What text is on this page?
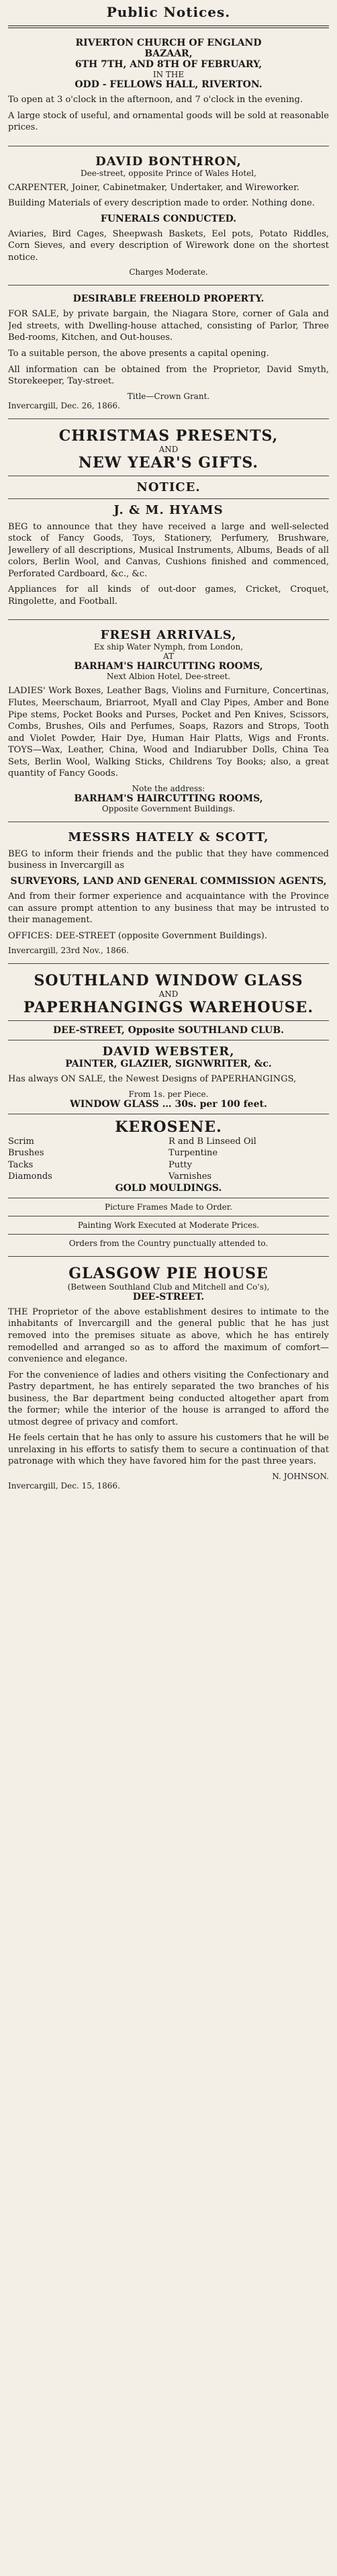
Public Notices.
RIVERTON CHURCH OF ENGLAND
BAZAAR,
6TH 7TH, AND 8TH OF FEBRUARY,
IN THE
ODD - FELLOWS HALL, RIVERTON.
To open at 3 o'clock in the afternoon, and 7 o'clock in the evening.
A large stock of useful, and ornamental goods will be sold at reasonable prices.
DAVID BONTHRON,
Dee-street, opposite Prince of Wales Hotel,
CARPENTER, Joiner, Cabinetmaker, Undertaker, and Wireworker.
Building Materials of every description made to order. Nothing done.
FUNERALS CONDUCTED.
Aviaries, Bird Cages, Sheepwash Baskets, Eel pots, Potato Riddles, Corn Sieves, and every description of Wirework done on the shortest notice.
Charges Moderate.
DESIRABLE FREEHOLD PROPERTY.
FOR SALE, by private bargain, the Niagara Store, corner of Gala and Jed streets, with Dwelling-house attached, consisting of Parlor, Three Bed-rooms, Kitchen, and Out-houses.
To a suitable person, the above presents a capital opening.
All information can be obtained from the Proprietor, David Smyth, Storekeeper, Tay-street.
Title—Crown Grant.
Invercargill, Dec. 26, 1866.
CHRISTMAS PRESENTS,
AND
NEW YEAR'S GIFTS.
NOTICE.
J. & M. HYAMS
BEG to announce that they have received a large and well-selected stock of Fancy Goods, Toys, Stationery, Perfumery, Brushware, Jewellery of all descriptions, Musical Instruments, Albums, Beads of all colors, Berlin Wool, and Canvas, Cushions finished and commenced, Perforated Cardboard, &c., &c.
Appliances for all kinds of out-door games, Cricket, Croquet, Ringolette, and Football.
FRESH ARRIVALS,
Ex ship Water Nymph, from London,
AT
BARHAM'S HAIRCUTTING ROOMS,
Next Albion Hotel, Dee-street.
LADIES' Work Boxes, Leather Bags, Violins and Furniture, Concertinas, Flutes, Meerschaum, Briarroot, Myall and Clay Pipes, Amber and Bone Pipe stems, Pocket Books and Purses, Pocket and Pen Knives, Scissors, Combs, Brushes, Oils and Perfumes, Soaps, Razors and Strops, Tooth and Violet Powder, Hair Dye, Human Hair Platts, Wigs and Fronts. TOYS—Wax, Leather, China, Wood and Indiarubber Dolls, China Tea Sets, Berlin Wool, Walking Sticks, Childrens Toy Books; also, a great quantity of Fancy Goods.
Note the address:
BARHAM'S HAIRCUTTING ROOMS,
Opposite Government Buildings.
MESSRS HATELY & SCOTT,
BEG to inform their friends and the public that they have commenced business in Invercargill as
SURVEYORS, LAND AND GENERAL COMMISSION AGENTS,
And from their former experience and acquaintance with the Province can assure prompt attention to any business that may be intrusted to their management.
OFFICES: DEE-STREET (opposite Government Buildings).
Invercargill, 23rd Nov., 1866.
SOUTHLAND WINDOW GLASS
AND
PAPERHANGINGS WAREHOUSE.
DEE-STREET, Opposite SOUTHLAND CLUB.
DAVID WEBSTER,
PAINTER, GLAZIER, SIGNWRITER, &c.
Has always ON SALE, the Newest Designs of PAPERHANGINGS,
From 1s. per Piece.
WINDOW GLASS … 30s. per 100 feet.
KEROSENE.
Scrim
Brushes
Tacks
Diamonds
R and B Linseed Oil
Turpentine
Putty
Varnishes
GOLD MOULDINGS.
Picture Frames Made to Order.
Painting Work Executed at Moderate Prices.
Orders from the Country punctually attended to.
GLASGOW PIE HOUSE
(Between Southland Club and Mitchell and Co's),
DEE-STREET.
THE Proprietor of the above establishment desires to intimate to the inhabitants of Invercargill and the general public that he has just removed into the premises situate as above, which he has entirely remodelled and arranged so as to afford the maximum of comfort—convenience and elegance.
For the convenience of ladies and others visiting the Confectionary and Pastry department, he has entirely separated the two branches of his business, the Bar department being conducted altogether apart from the former; while the interior of the house is arranged to afford the utmost degree of privacy and comfort.
He feels certain that he has only to assure his customers that he will be unrelaxing in his efforts to satisfy them to secure a continuation of that patronage with which they have favored him for the past three years.
N. JOHNSON.
Invercargill, Dec. 15, 1866.
